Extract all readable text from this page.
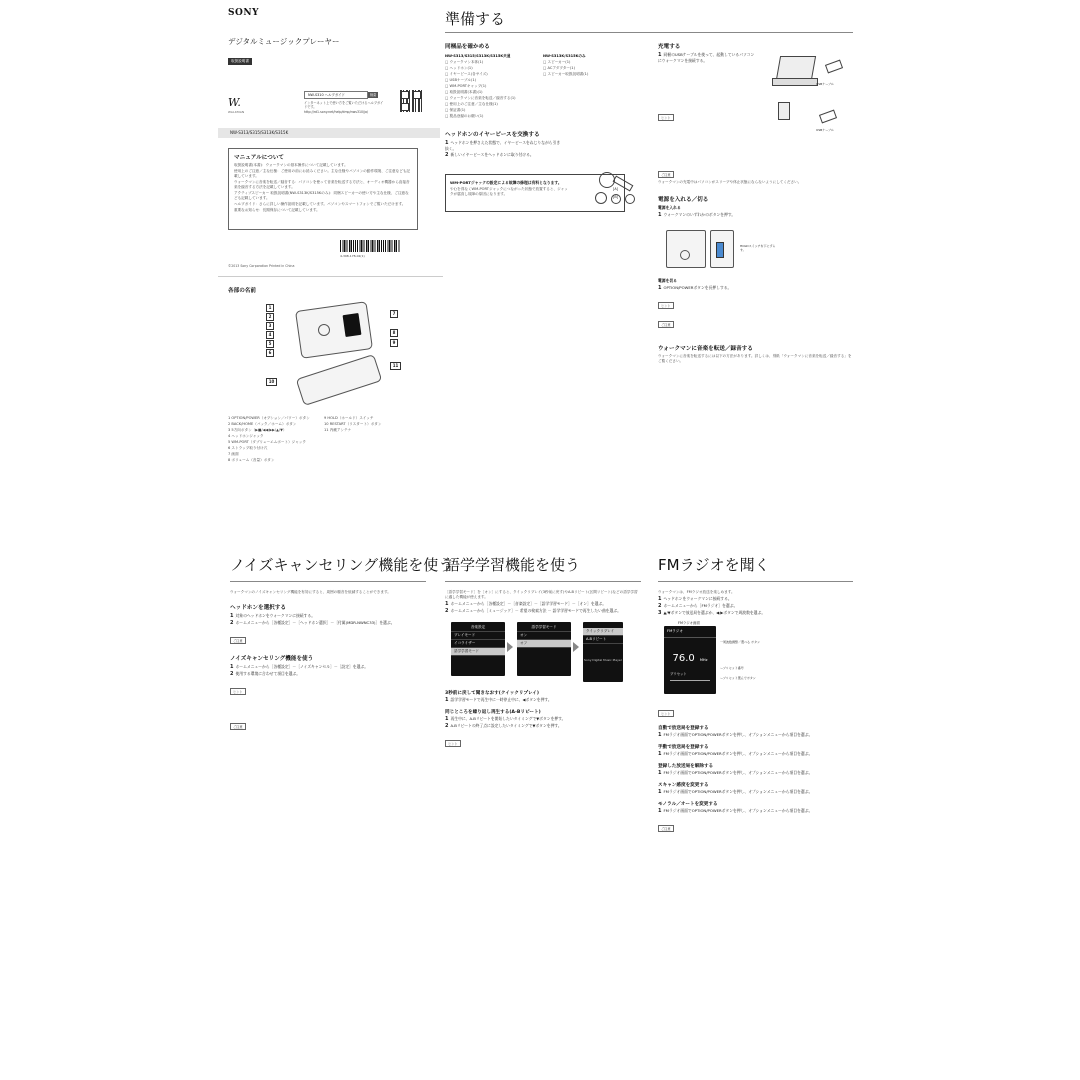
SONY
デジタルミュージックプレーヤー
取扱説明書
W.
WALKMAN
NW-S310 ヘルプガイド	検索
インターネット上で使い方をご覧いただけるヘルプガイドです。
http://rd1.sony.net/help/dmp/nws310/ja/
NW-S313/S315/S313K/S315K
マニュアルについて
取扱説明書(本書)：ウォークマンの基本操作について記載しています。
使用上のご注意／主な仕様：ご使用の前にお読みください。主な仕様やパソコンの動作環境、ご注意なども記載しています。
ウォークマンに音楽を転送／録音する：パソコンを使って音楽を転送する方法と、オーディオ機器から直接音楽を録音する方法を記載しています。
アクティブスピーカー 取扱説明書(NW-S313K/S315Kのみ)：同梱スピーカーの使い方や主な仕様、ご注意なども記載しています。
ヘルプガイド：さらに詳しい操作説明を記載しています。パソコンやスマートフォンでご覧いただけます。
重要なお知らせ：長期保存について記載しています。
4-398-178-02(1)
©2013 Sony Corporation Printed in China
各部の名前
1
2
3
4
5
6
7
8
9
10
11
1 OPTION/POWER（オプション／パワー）ボタン
2 BACK/HOME（バック／ホーム）ボタン
3 5方向ボタン（▶■/◀◀/▶▶/▲/▼）
4 ヘッドホンジャック
5 WM-PORT（ダブリューエムポート）ジャック
6 ストラップ取り付け穴
7 画面
8 ボリューム（音量）ボタン
9 HOLD（ホールド）スイッチ
10 RESTART（リスタート）ボタン
11 内蔵アンテナ
準備する
同梱品を確かめる
NW-S313/S315/S313K/S315K共通
□ ウォークマン本体(1)
□ ヘッドホン(1)
□ イヤーピース(各サイズ)
□ USBケーブル(1)
□ WM-PORTキャップ(1)
□ 取扱説明書(本書)(1)
□ ウォークマンに音楽を転送／録音する(1)
□ 使用上のご注意／主な仕様(1)
□ 保証書(1)
□ 製品登録のお願い(1)
NW-S313K/S315Kのみ
□ スピーカー(1)
□ ACアダプター(1)
□ スピーカー取扱説明書(1)
ヘッドホンのイヤーピースを交換する
1 ヘッドホンを押さえた状態で、イヤーピースをねじりながら引き抜く。
2 新しいイヤーピースをヘッドホンに取り付ける。
WM-PORTジャックの設定による故障の修理は有料となります。
やむを得なくWM-PORTジャックにつながった状態で放置すると、ジャックが腐食し故障の原因になります。
[A]
[B]
充電する
1 同梱のUSBケーブルを使って、起動しているパソコンにウォークマンを接続する。
USBケーブル
USBケーブル
ヒント
ご注意
ウォークマンの充電中はパソコンがスリープや休止状態にならないようにしてください。
電源を入れる／切る
電源を入れる
1 ウォークマンのいずれかのボタンを押す。
HOLDスイッチを下にずらす。
電源を切る
1 OPTION/POWERボタンを長押しする。
ヒント
ご注意
ウォークマンに音楽を転送／録音する
ウォークマンに音楽を転送するには以下の方法があります。詳しくは、別紙「ウォークマンに音楽を転送／録音する」をご覧ください。
ノイズキャンセリング機能を使う
ウォークマンのノイズキャンセリング機能を有効にすると、周囲の騒音を低減することができます。
ヘッドホンを選択する
1 対象のヘッドホンをウォークマンに接続する。
2 ホームメニューから［各種設定］－［ヘッドホン選択］－［付属(MDR-NWNC33)］を選ぶ。
ご注意
ノイズキャンセリング機能を使う
1 ホームメニューから［各種設定］－［ノイズキャンセル］－［設定］を選ぶ。
2 使用する環境に合わせて項目を選ぶ。
ヒント
ご注意
語学学習機能を使う
［語学学習モード］を［オン］にすると、クイックリプレイ(3秒前に戻す)やA-Bリピート(区間リピート)などの語学学習に適した機能が使えます。
1 ホームメニューから［各種設定］－［音楽設定］－［語学学習モード］－［オン］を選ぶ。
2 ホームメニューから［ミュージック］－ 希望の検索方法 － 語学学習モードで再生したい曲を選ぶ。
音楽設定
プレイモード
イコライザー
語学学習モード
語学学習モード
オン
オフ
クイックリプレイ
A-Bリピート
Sony Digital Music Player
3秒前に戻して聞きなおす(クイックリプレイ)
1 語学学習モードで再生中に一時停止中に、◀ボタンを押す。
同じところを繰り返し再生する(A-Bリピート)
1 再生中に、A-Bリピートを開始したいタイミングで▼ボタンを押す。
2 A-Bリピートの終了点に設定したいタイミングで▼ボタンを押す。
ヒント
FMラジオを聞く
ウォークマンは、FMラジオ放送を楽しめます。
1 ヘッドホンをウォークマンに接続する。
2 ホームメニューから［FMラジオ］を選ぶ。
3 ▲/▼ボタンで放送局を選ぶか、◀/▶ボタンで周波数を選ぶ。
FMラジオ画面
FMラジオ
76.0 MHz
プリセット
一周波数調整／選べる ボタン
ープリセット番号
ープリセット選んでボタン
ヒント
自動で放送局を登録する
1 FMラジオ画面でOPTION/POWERボタンを押し、オプションメニューから項目を選ぶ。
手動で放送局を登録する
1 FMラジオ画面でOPTION/POWERボタンを押し、オプションメニューから項目を選ぶ。
登録した放送局を解除する
1 FMラジオ画面でOPTION/POWERボタンを押し、オプションメニューから項目を選ぶ。
スキャン感度を変更する
1 FMラジオ画面でOPTION/POWERボタンを押し、オプションメニューから項目を選ぶ。
モノラル／オートを変更する
1 FMラジオ画面でOPTION/POWERボタンを押し、オプションメニューから項目を選ぶ。
ご注意
